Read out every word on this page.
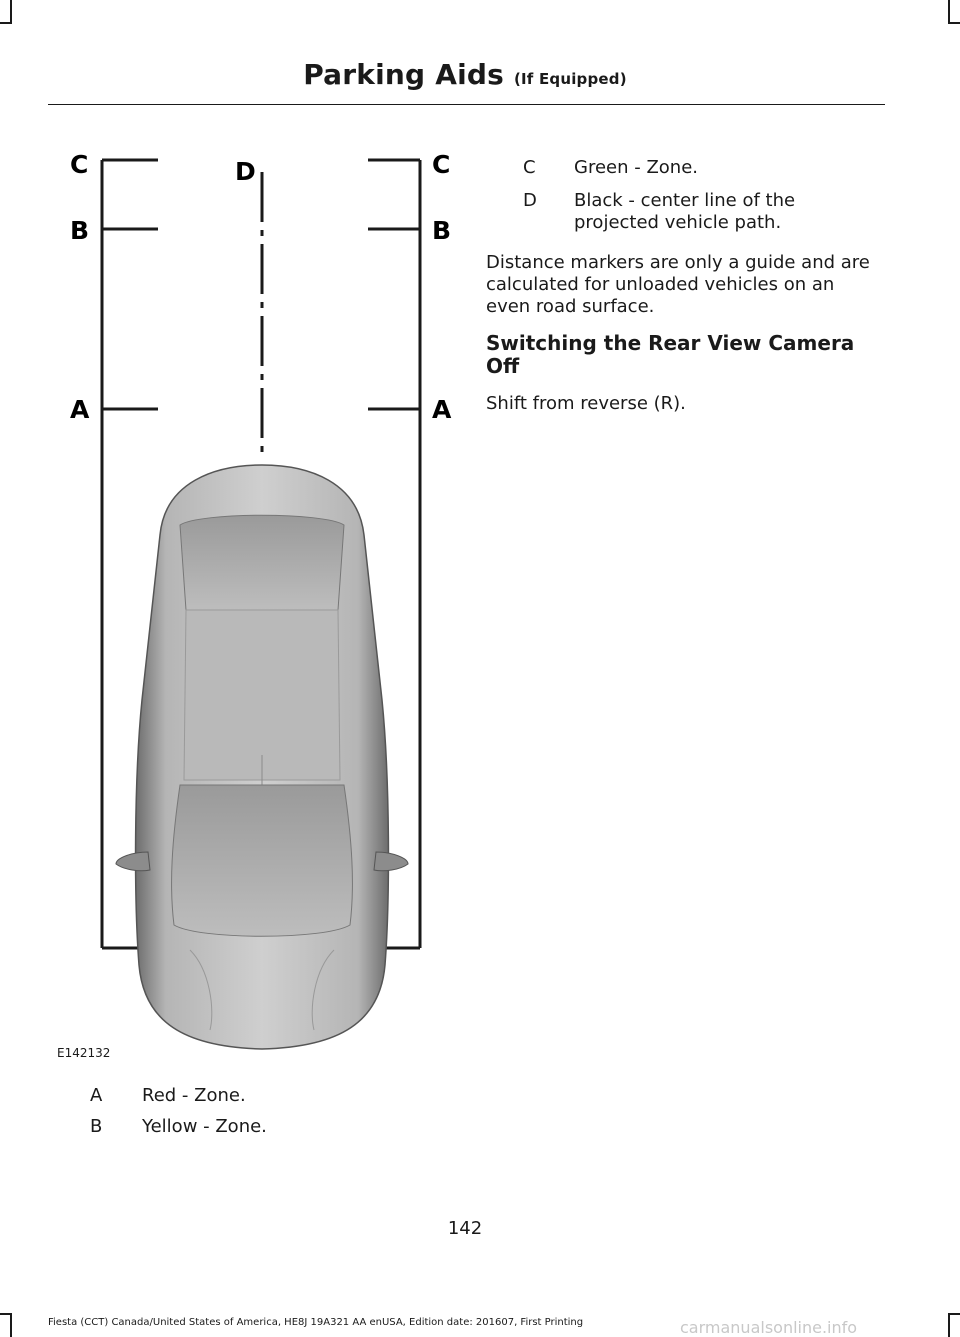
Parking Aids (If Equipped)
C
B
A
D	C
B
A
E142132
A	Red - Zone.
B	Yellow - Zone.
C	Green - Zone.
D	Black - center line of the
projected vehicle path.
Distance markers are only a guide and are
calculated for unloaded vehicles on an
even road surface.
Switching the Rear View Camera
Off
Shift from reverse (R).
142
Fiesta (CCT) Canada/United States of America, HE8J 19A321 AA enUSA, Edition date: 201607, First Printing	carmanualsonline.info
